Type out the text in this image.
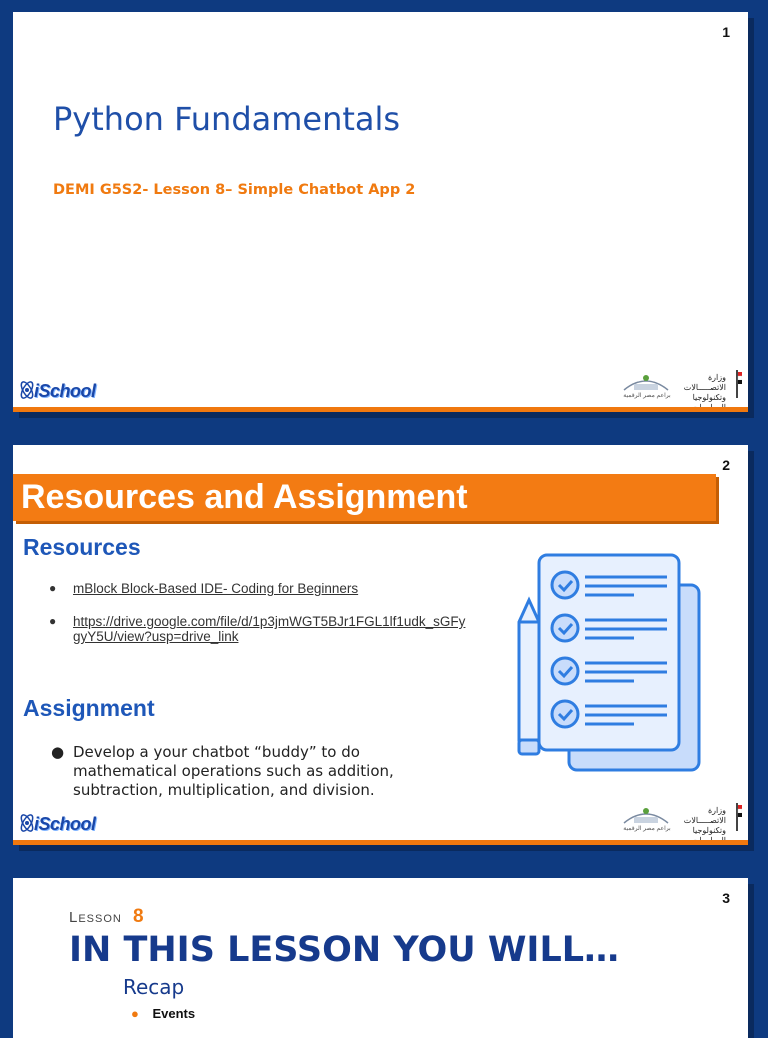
1
Python Fundamentals
DEMI G5S2- Lesson 8– Simple Chatbot App 2
iSchool
وزارة الاتصـــــالات وتكنولوجيا
براعم مصر الرقمية
2
Resources and Assignment
Resources
● mBlock Block-Based IDE- Coding for Beginners
● https://drive.google.com/file/d/1p3jmWGT5BJr1FGL1lf1udk_sGFygyY5U/view?usp=drive_link
Assignment
● Develop a your chatbot “buddy” to do mathematical operations such as addition, subtraction, multiplication, and division.
iSchool
وزارة الاتصـــــالات وتكنولوجيا
براعم مصر الرقمية
3
Lesson 8
IN THIS LESSON YOU WILL…
Recap
● Events
